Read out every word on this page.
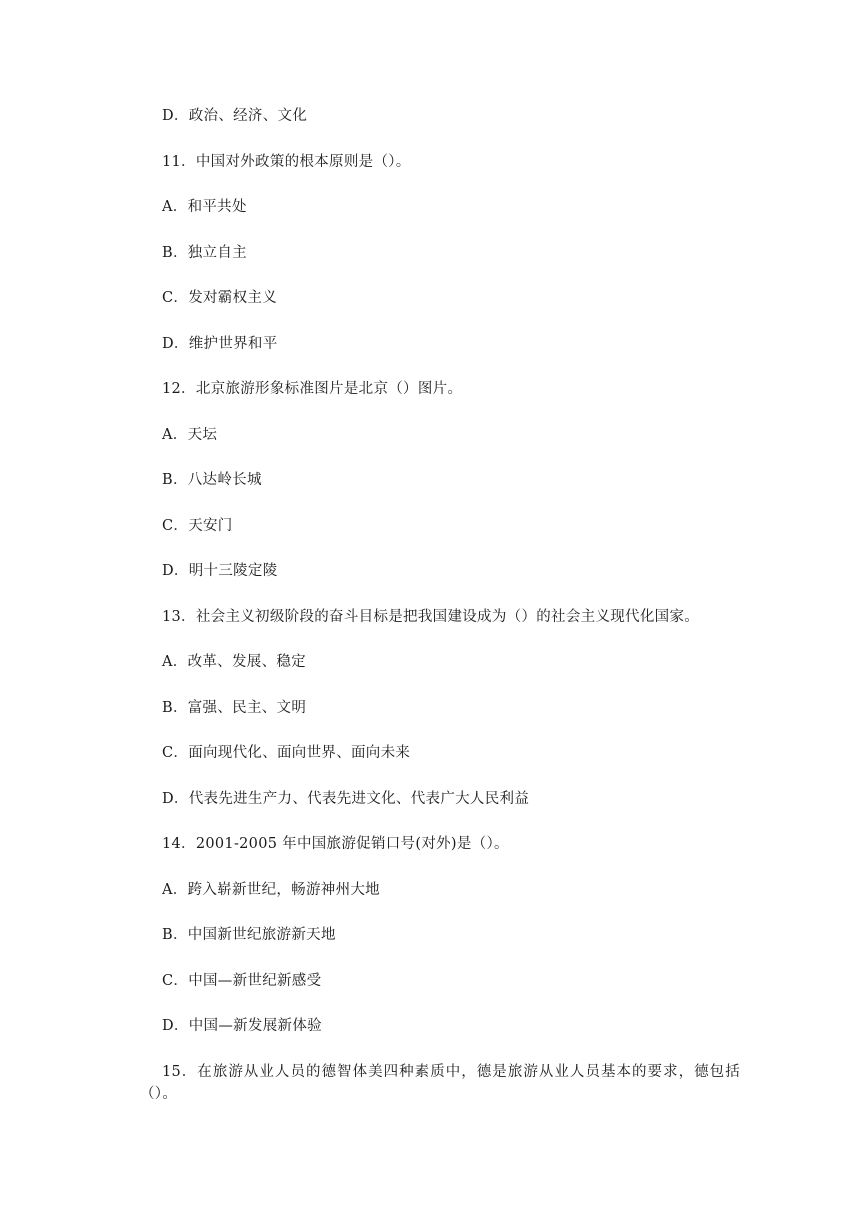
D．政治、经济、文化
11．中国对外政策的根本原则是（）。
A．和平共处
B．独立自主
C．发对霸权主义
D．维护世界和平
12．北京旅游形象标准图片是北京（）图片。
A．天坛
B．八达岭长城
C．天安门
D．明十三陵定陵
13．社会主义初级阶段的奋斗目标是把我国建设成为（）的社会主义现代化国家。
A．改革、发展、稳定
B．富强、民主、文明
C．面向现代化、面向世界、面向未来
D．代表先进生产力、代表先进文化、代表广大人民利益
14．2001-2005 年中国旅游促销口号(对外)是（）。
A．跨入崭新世纪，畅游神州大地
B．中国新世纪旅游新天地
C．中国—新世纪新感受
D．中国—新发展新体验
15．在旅游从业人员的德智体美四种素质中，德是旅游从业人员基本的要求，德包括（）。
